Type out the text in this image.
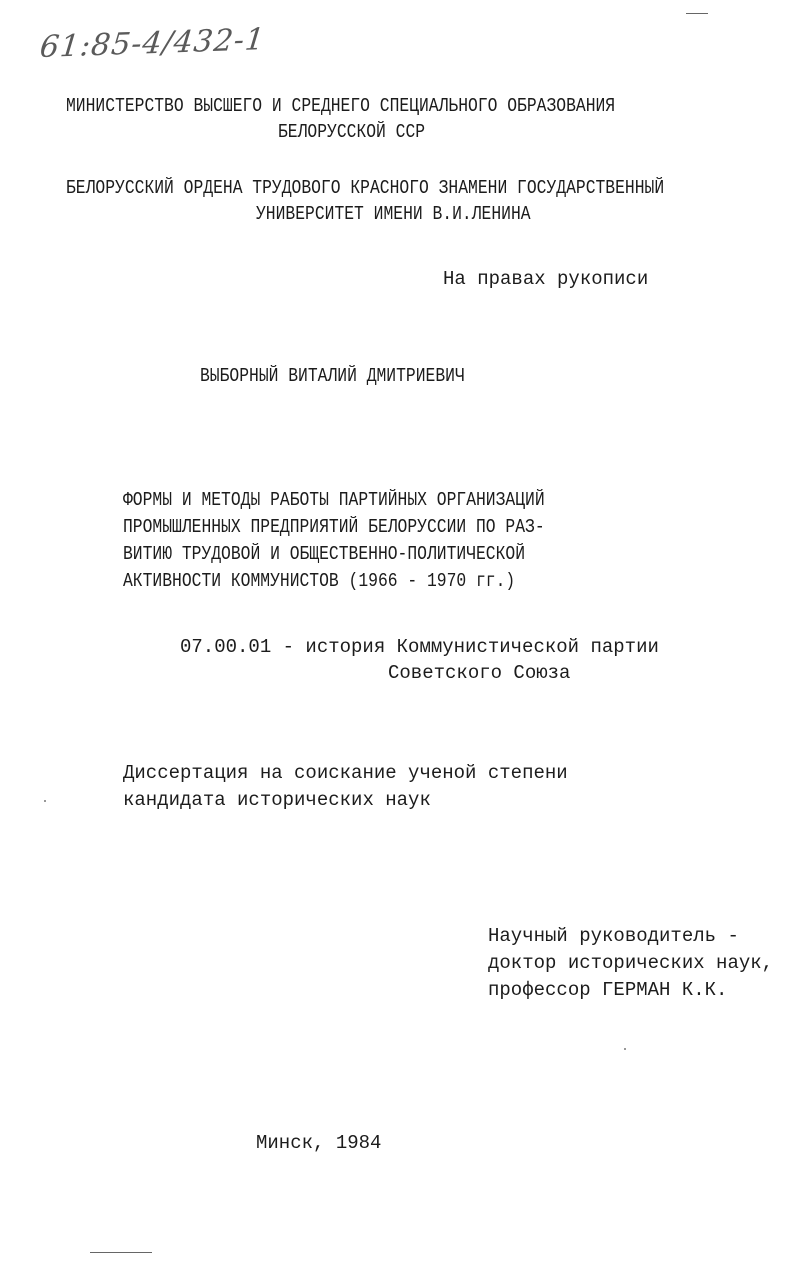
61:85-4/432-1
МИНИСТЕРСТВО ВЫСШЕГО И СРЕДНЕГО СПЕЦИАЛЬНОГО ОБРАЗОВАНИЯ
БЕЛОРУССКОЙ ССР
БЕЛОРУССКИЙ ОРДЕНА ТРУДОВОГО КРАСНОГО ЗНАМЕНИ ГОСУДАРСТВЕННЫЙ
УНИВЕРСИТЕТ ИМЕНИ В.И.ЛЕНИНА
На правах рукописи
ВЫБОРНЫЙ ВИТАЛИЙ ДМИТРИЕВИЧ
ФОРМЫ И МЕТОДЫ РАБОТЫ ПАРТИЙНЫХ ОРГАНИЗАЦИЙ
ПРОМЫШЛЕННЫХ ПРЕДПРИЯТИЙ БЕЛОРУССИИ ПО РАЗ-
ВИТИЮ ТРУДОВОЙ И ОБЩЕСТВЕННО-ПОЛИТИЧЕСКОЙ
АКТИВНОСТИ КОММУНИСТОВ (1966 - 1970 гг.)
07.00.01 - история Коммунистической партии
Советского Союза
Диссертация на соискание ученой степени
кандидата исторических наук
Научный руководитель -
доктор исторических наук,
профессор ГЕРМАН К.К.
Минск, 1984
